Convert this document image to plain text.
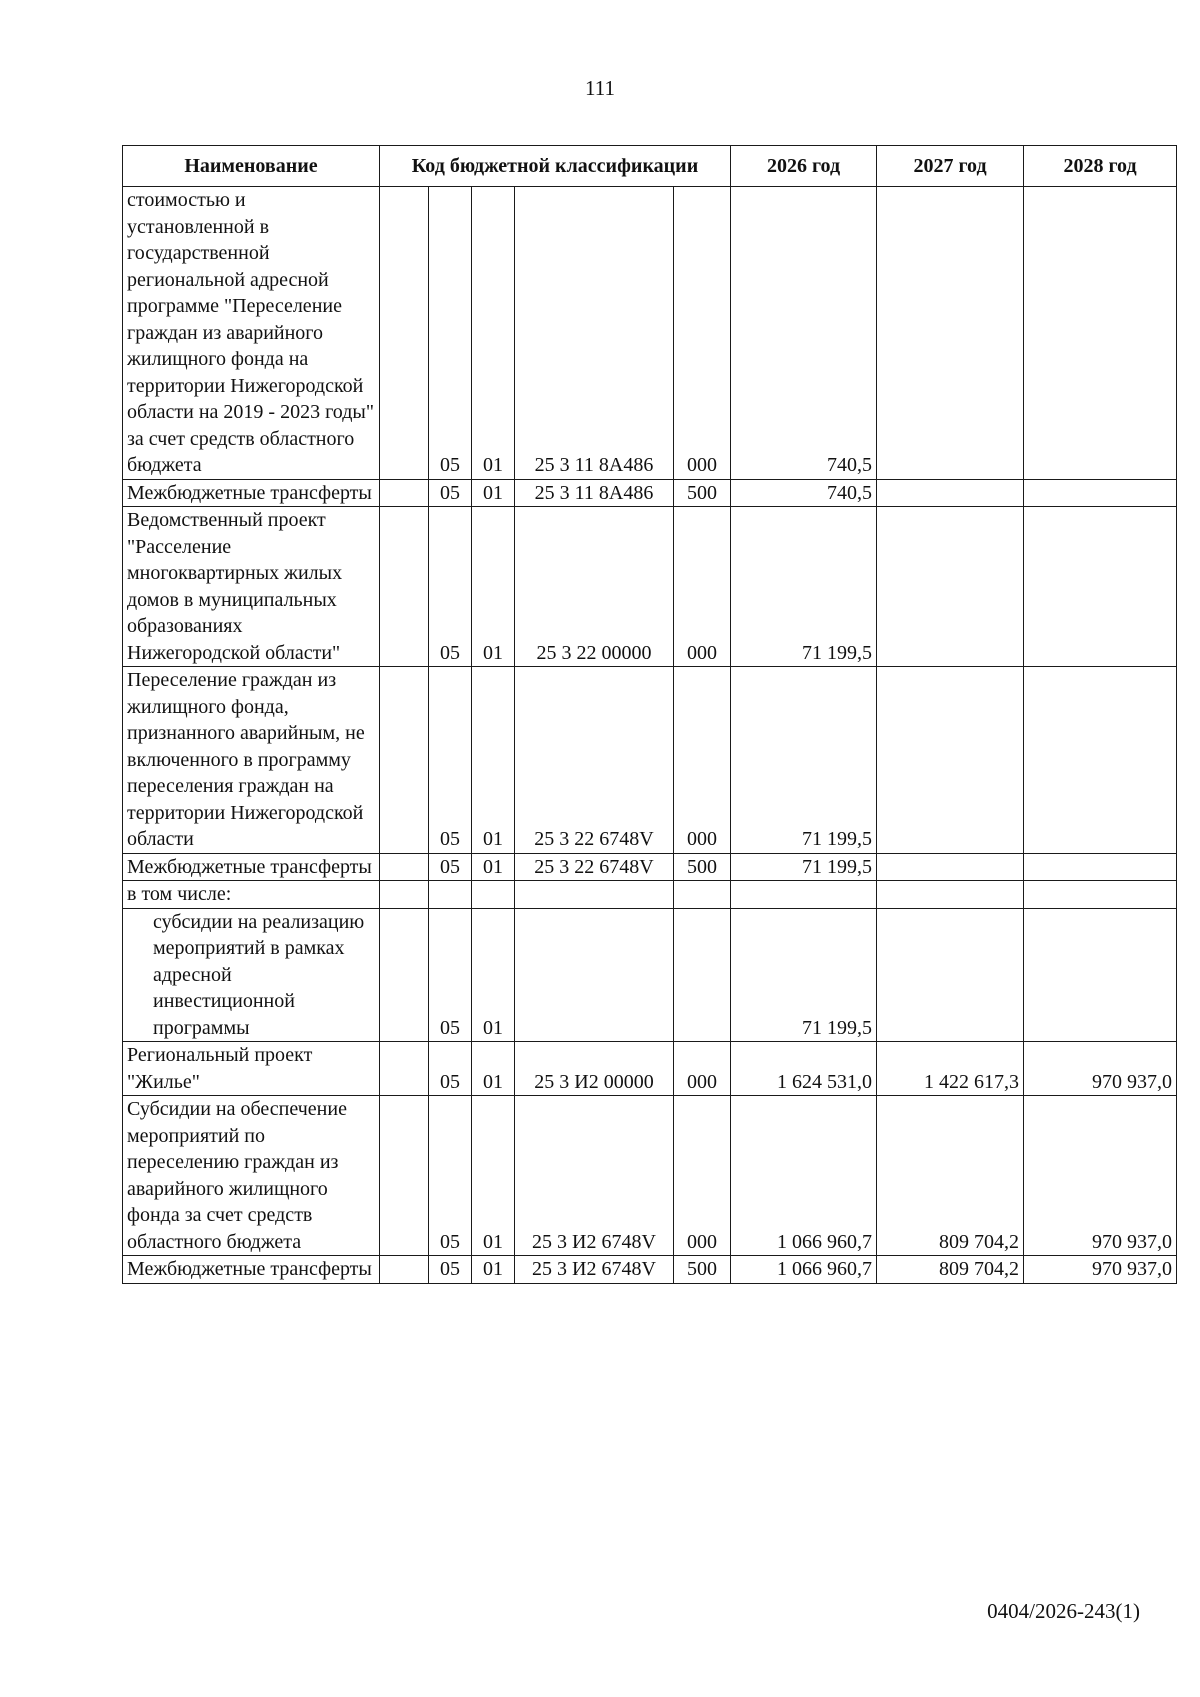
111
Наименование	Код бюджетной классификации					2026 год	2027 год	2028 год
стоимостью и установленной в государственной региональной адресной программе "Переселение граждан из аварийного жилищного фонда на территории Нижегородской области на 2019 - 2023 годы" за счет средств областного бюджета		05	01	25 3 11 8А486	000	740,5		
Межбюджетные трансферты		05	01	25 3 11 8А486	500	740,5		
Ведомственный проект "Расселение многоквартирных жилых домов в муниципальных образованиях Нижегородской области"		05	01	25 3 22 00000	000	71 199,5		
Переселение граждан из жилищного фонда, признанного аварийным, не включенного в программу переселения граждан на территории Нижегородской области		05	01	25 3 22 6748V	000	71 199,5		
Межбюджетные трансферты		05	01	25 3 22 6748V	500	71 199,5		
в том числе:								
субсидии на реализацию мероприятий в рамках адресной инвестиционной программы		05	01			71 199,5		
Региональный проект "Жилье"		05	01	25 3 И2 00000	000	1 624 531,0	1 422 617,3	970 937,0
Субсидии на обеспечение мероприятий по переселению граждан из аварийного жилищного фонда за счет средств областного бюджета		05	01	25 3 И2 6748V	000	1 066 960,7	809 704,2	970 937,0
Межбюджетные трансферты		05	01	25 3 И2 6748V	500	1 066 960,7	809 704,2	970 937,0
0404/2026-243(1)
